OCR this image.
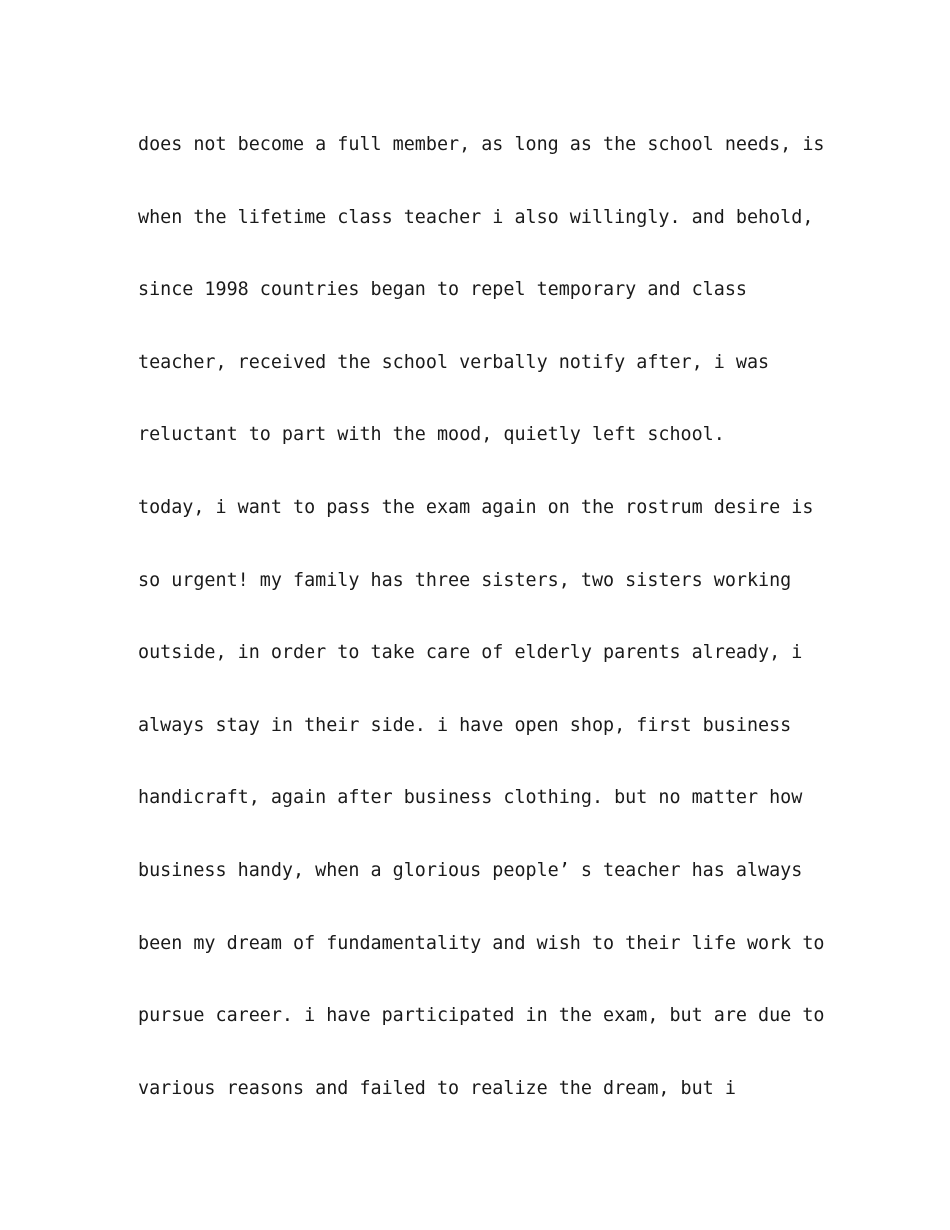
does not become a full member, as long as the school needs, is
when the lifetime class teacher i also willingly. and behold,
since 1998 countries began to repel temporary and class
teacher, received the school verbally notify after, i was
reluctant to part with the mood, quietly left school.
today, i want to pass the exam again on the rostrum desire is
so urgent! my family has three sisters, two sisters working
outside, in order to take care of elderly parents already, i
always stay in their side. i have open shop, first business
handicraft, again after business clothing. but no matter how
business handy, when a glorious people’ s teacher has always
been my dream of fundamentality and wish to their life work to
pursue career. i have participated in the exam, but are due to
various reasons and failed to realize the dream, but i
